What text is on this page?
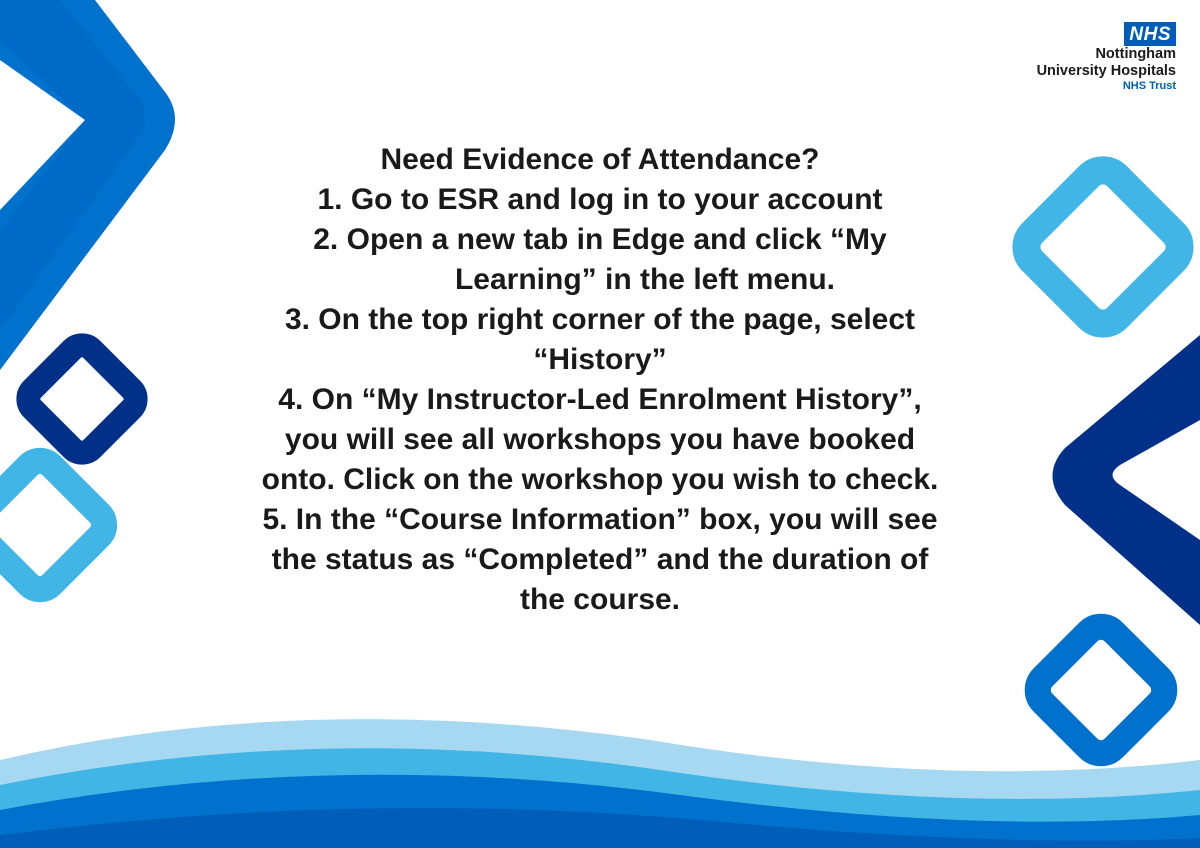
NHS
Nottingham
University Hospitals
NHS Trust
Need Evidence of Attendance?
1. Go to ESR and log in to your account
2. Open a new tab in Edge and click “My
Learning” in the left menu.
3. On the top right corner of the page, select
“History”
4. On “My Instructor-Led Enrolment History”,
you will see all workshops you have booked
onto. Click on the workshop you wish to check.
5. In the “Course Information” box, you will see
the status as “Completed” and the duration of
the course.
